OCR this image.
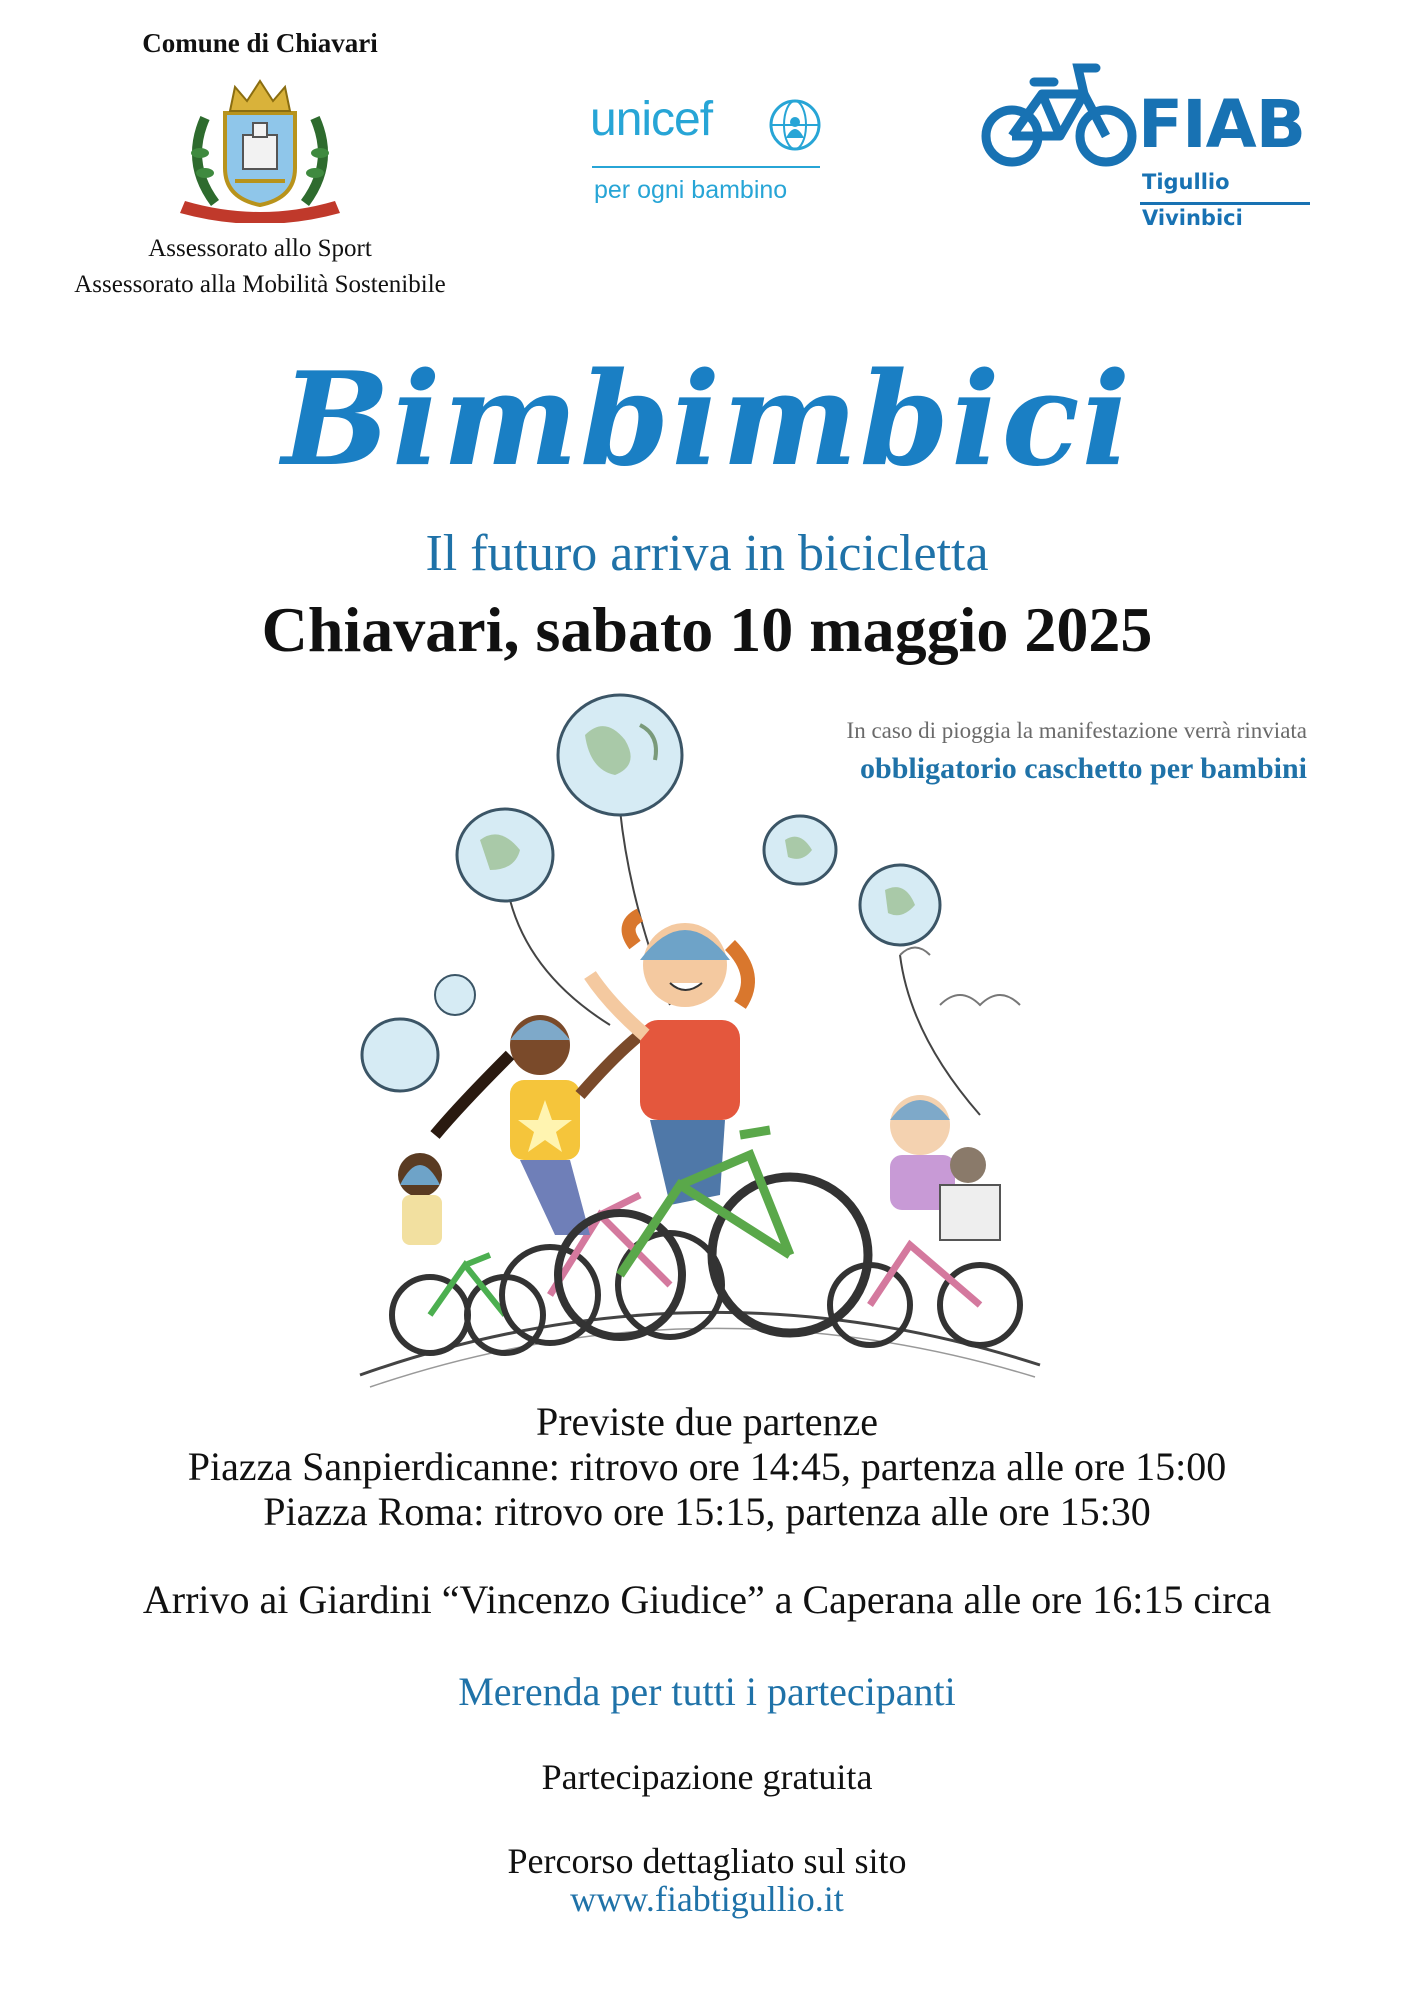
Comune di Chiavari
Assessorato allo Sport
Assessorato alla Mobilità Sostenibile
unicef
per ogni bambino
FIAB
Tigullio
Vivinbici
Bimbimbici
Il futuro arriva in bicicletta
Chiavari, sabato 10 maggio 2025
In caso di pioggia la manifestazione verrà rinviata
obbligatorio caschetto per bambini
Previste due partenze
Piazza Sanpierdicanne: ritrovo ore 14:45, partenza alle ore 15:00
Piazza Roma: ritrovo ore 15:15, partenza alle ore 15:30
Arrivo ai Giardini “Vincenzo Giudice” a Caperana alle ore 16:15 circa
Merenda per tutti i partecipanti
Partecipazione gratuita
Percorso dettagliato sul sito
www.fiabtigullio.it
